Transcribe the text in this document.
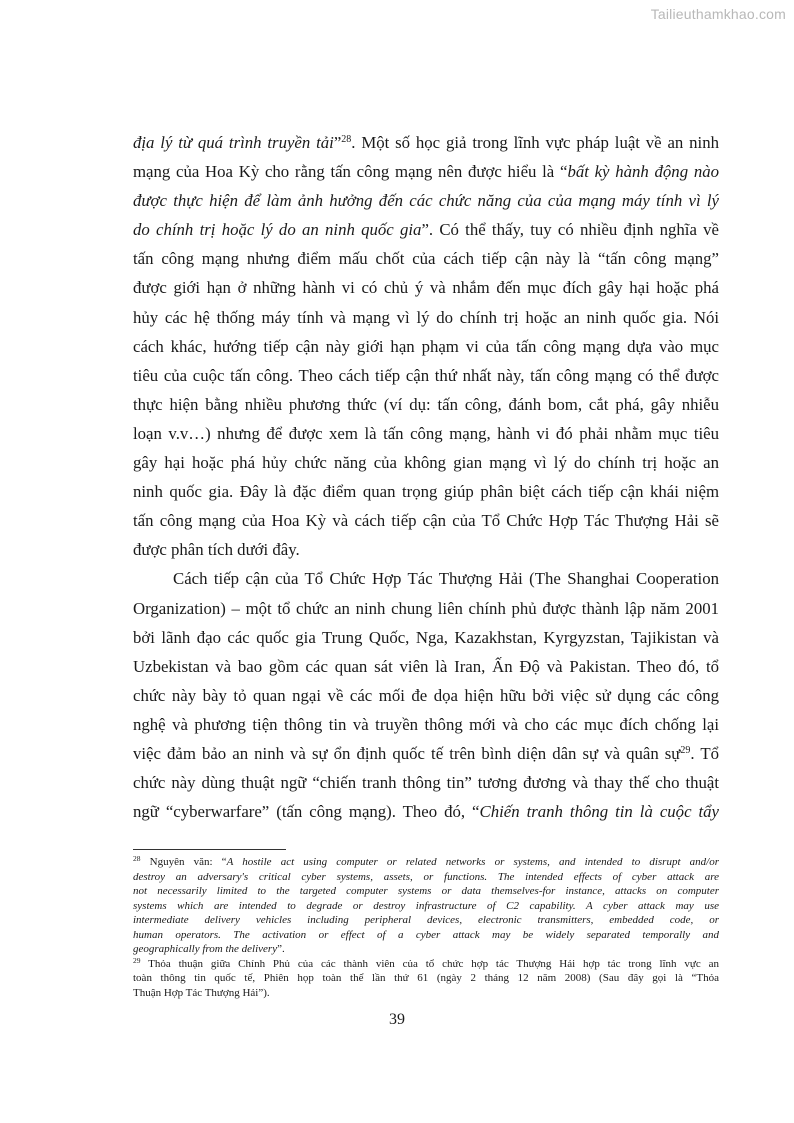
Tailieuthamkhao.com
địa lý từ quá trình truyền tải”$^{28}$. Một số học giả trong lĩnh vực pháp luật về an ninh
mạng của Hoa Kỳ cho rằng tấn công mạng nên được hiểu là “bất kỳ hành động nào
được thực hiện để làm ảnh hưởng đến các chức năng của của mạng máy tính vì lý
do chính trị hoặc lý do an ninh quốc gia”. Có thể thấy, tuy có nhiều định nghĩa về
tấn công mạng nhưng điểm mấu chốt của cách tiếp cận này là “tấn công mạng”
được giới hạn ở những hành vi có chủ ý và nhắm đến mục đích gây hại hoặc phá
hủy các hệ thống máy tính và mạng vì lý do chính trị hoặc an ninh quốc gia. Nói
cách khác, hướng tiếp cận này giới hạn phạm vi của tấn công mạng dựa vào mục
tiêu của cuộc tấn công. Theo cách tiếp cận thứ nhất này, tấn công mạng có thể được
thực hiện bằng nhiều phương thức (ví dụ: tấn công, đánh bom, cắt phá, gây nhiễu
loạn v.v…) nhưng để được xem là tấn công mạng, hành vi đó phải nhằm mục tiêu
gây hại hoặc phá hủy chức năng của không gian mạng vì lý do chính trị hoặc an
ninh quốc gia. Đây là đặc điểm quan trọng giúp phân biệt cách tiếp cận khái niệm
tấn công mạng của Hoa Kỳ và cách tiếp cận của Tổ Chức Hợp Tác Thượng Hải sẽ
được phân tích dưới đây.
Cách tiếp cận của Tổ Chức Hợp Tác Thượng Hải (The Shanghai Cooperation
Organization) – một tổ chức an ninh chung liên chính phủ được thành lập năm 2001
bởi lãnh đạo các quốc gia Trung Quốc, Nga, Kazakhstan, Kyrgyzstan, Tajikistan và
Uzbekistan và bao gồm các quan sát viên là Iran, Ấn Độ và Pakistan. Theo đó, tổ
chức này bày tỏ quan ngại về các mối đe dọa hiện hữu bởi việc sử dụng các công
nghệ và phương tiện thông tin và truyền thông mới và cho các mục đích chống lại
việc đảm bảo an ninh và sự ổn định quốc tế trên bình diện dân sự và quân sự$^{29}$. Tổ
chức này dùng thuật ngữ “chiến tranh thông tin” tương đương và thay thế cho thuật
ngữ “cyberwarfare” (tấn công mạng). Theo đó, “Chiến tranh thông tin là cuộc tẩy
$^{28}$ Nguyên văn: “A hostile act using computer or related networks or systems, and intended to disrupt and/or
destroy an adversary's critical cyber systems, assets, or functions. The intended effects of cyber attack are
not necessarily limited to the targeted computer systems or data themselves-for instance, attacks on computer
systems which are intended to degrade or destroy infrastructure of C2 capability. A cyber attack may use
intermediate delivery vehicles including peripheral devices, electronic transmitters, embedded code, or
human operators. The activation or effect of a cyber attack may be widely separated temporally and
geographically from the delivery”.
$^{29}$ Thỏa thuận giữa Chính Phủ của các thành viên của tổ chức hợp tác Thượng Hải hợp tác trong lĩnh vực an
toàn thông tin quốc tế, Phiên họp toàn thể lần thứ 61 (ngày 2 tháng 12 năm 2008) (Sau đây gọi là “Thỏa
Thuận Hợp Tác Thượng Hải”).
39
